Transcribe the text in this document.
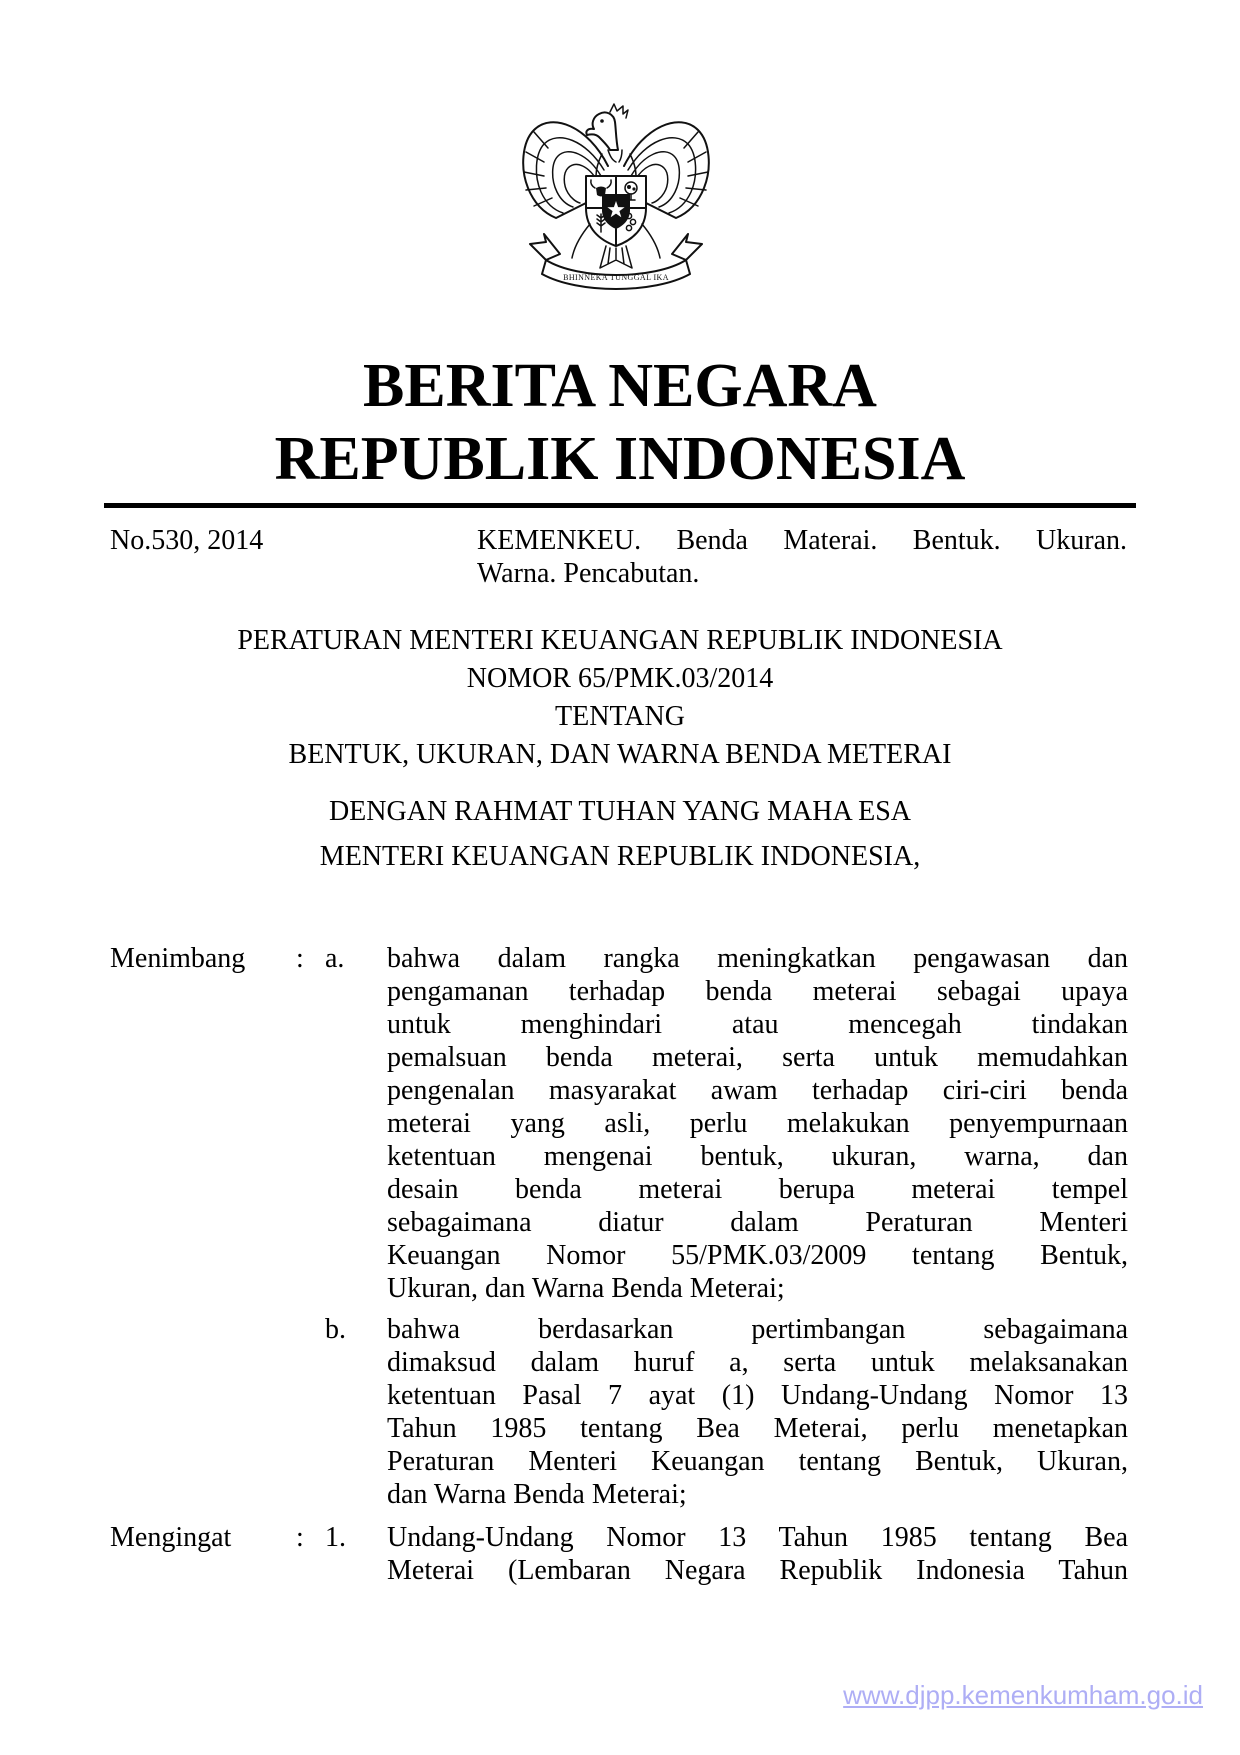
BHINNEKA TUNGGAL IKA
BERITA NEGARA
REPUBLIK INDONESIA
No.530, 2014	KEMENKEU. Benda Materai. Bentuk. Ukuran.
Warna. Pencabutan.
PERATURAN MENTERI KEUANGAN REPUBLIK INDONESIA
NOMOR 65/PMK.03/2014
TENTANG
BENTUK, UKURAN, DAN WARNA BENDA METERAI
DENGAN RAHMAT TUHAN YANG MAHA ESA
MENTERI KEUANGAN REPUBLIK INDONESIA,
Menimbang	: a.	bahwa dalam rangka meningkatkan pengawasan dan
pengamanan terhadap benda meterai sebagai upaya
untuk menghindari atau mencegah tindakan
pemalsuan benda meterai, serta untuk memudahkan
pengenalan masyarakat awam terhadap ciri-ciri benda
meterai yang asli, perlu melakukan penyempurnaan
ketentuan mengenai bentuk, ukuran, warna, dan
desain benda meterai berupa meterai tempel
sebagaimana diatur dalam Peraturan Menteri
Keuangan Nomor 55/PMK.03/2009 tentang Bentuk,
Ukuran, dan Warna Benda Meterai;
b.	bahwa berdasarkan pertimbangan sebagaimana
dimaksud dalam huruf a, serta untuk melaksanakan
ketentuan Pasal 7 ayat (1) Undang-Undang Nomor 13
Tahun 1985 tentang Bea Meterai, perlu menetapkan
Peraturan Menteri Keuangan tentang Bentuk, Ukuran,
dan Warna Benda Meterai;
Mengingat	: 1.	Undang-Undang Nomor 13 Tahun 1985 tentang Bea
Meterai (Lembaran Negara Republik Indonesia Tahun
www.djpp.kemenkumham.go.id
